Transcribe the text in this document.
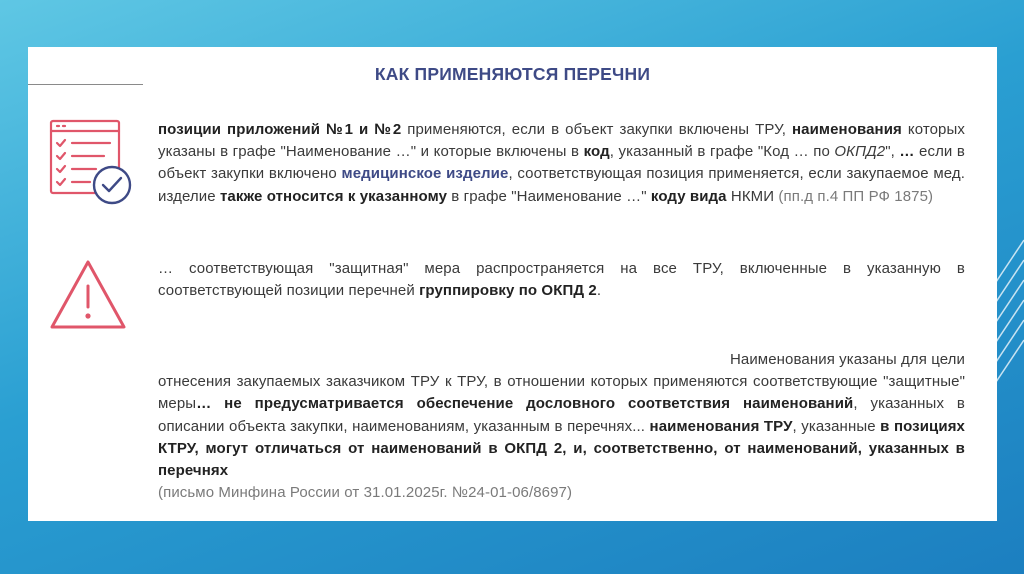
КАК ПРИМЕНЯЮТСЯ ПЕРЕЧНИ
позиции приложений №1 и №2 применяются, если в объект закупки включены ТРУ, наименования которых указаны в графе "Наименование …" и которые включены в код, указанный в графе "Код … по ОКПД2", … если в объект закупки включено медицинское изделие, соответствующая позиция применяется, если закупаемое мед. изделие также относится к указанному в графе "Наименование …" коду вида НКМИ (пп.д п.4 ПП РФ 1875)
… соответствующая "защитная" мера распространяется на все ТРУ, включенные в указанную в соответствующей позиции перечней группировку по ОКПД 2.
Наименования указаны для цели
отнесения закупаемых заказчиком ТРУ к ТРУ, в отношении которых применяются соответствующие "защитные" меры… не предусматривается обеспечение дословного соответствия наименований, указанных в описании объекта закупки, наименованиям, указанным в перечнях... наименования ТРУ, указанные в позициях КТРУ, могут отличаться от наименований в ОКПД 2, и, соответственно, от наименований, указанных в перечнях
(письмо Минфина России от 31.01.2025г. №24-01-06/8697)
